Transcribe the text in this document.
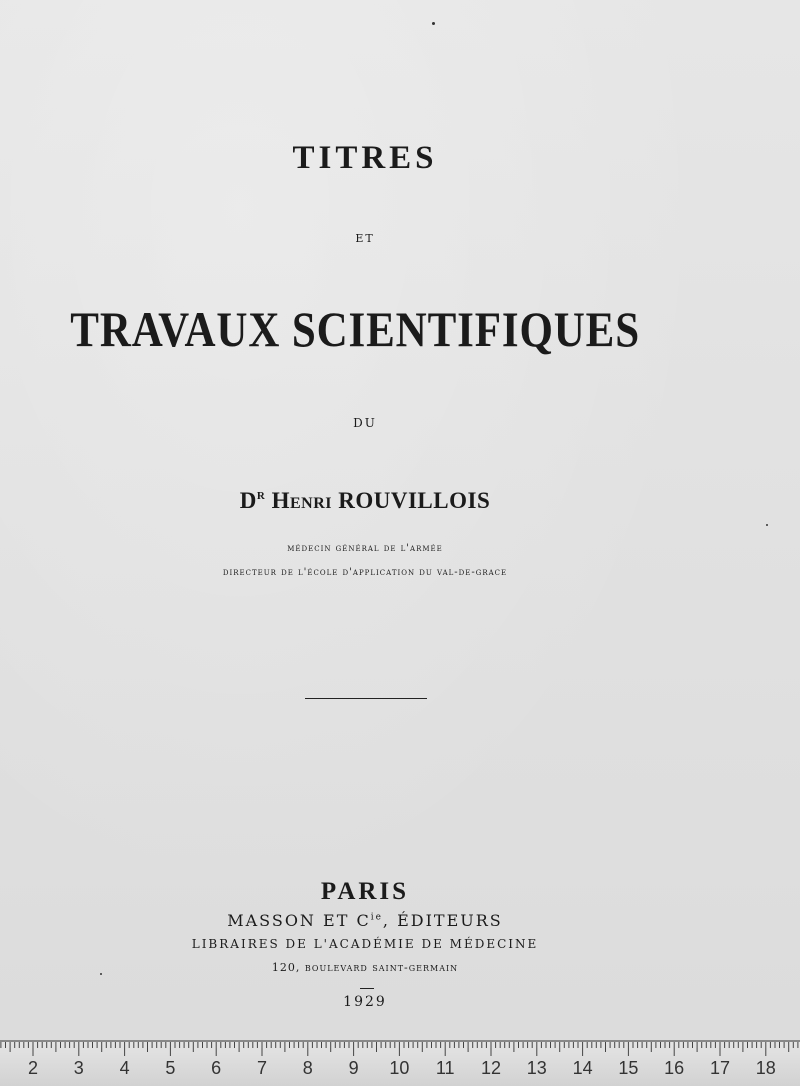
TITRES
ET
TRAVAUX SCIENTIFIQUES
DU
$D^R$ Henri ROUVILLOIS
médecin général de l'armée
directeur de l'école d'application du val-de-grace
PARIS
MASSON ET $C^{ie}$, ÉDITEURS
LIBRAIRES DE L'ACADÉMIE DE MÉDECINE
120, boulevard saint-germain
1929
2 3 4 5 6 7 8 9 10 11 12 13 14 15 16 17 18
